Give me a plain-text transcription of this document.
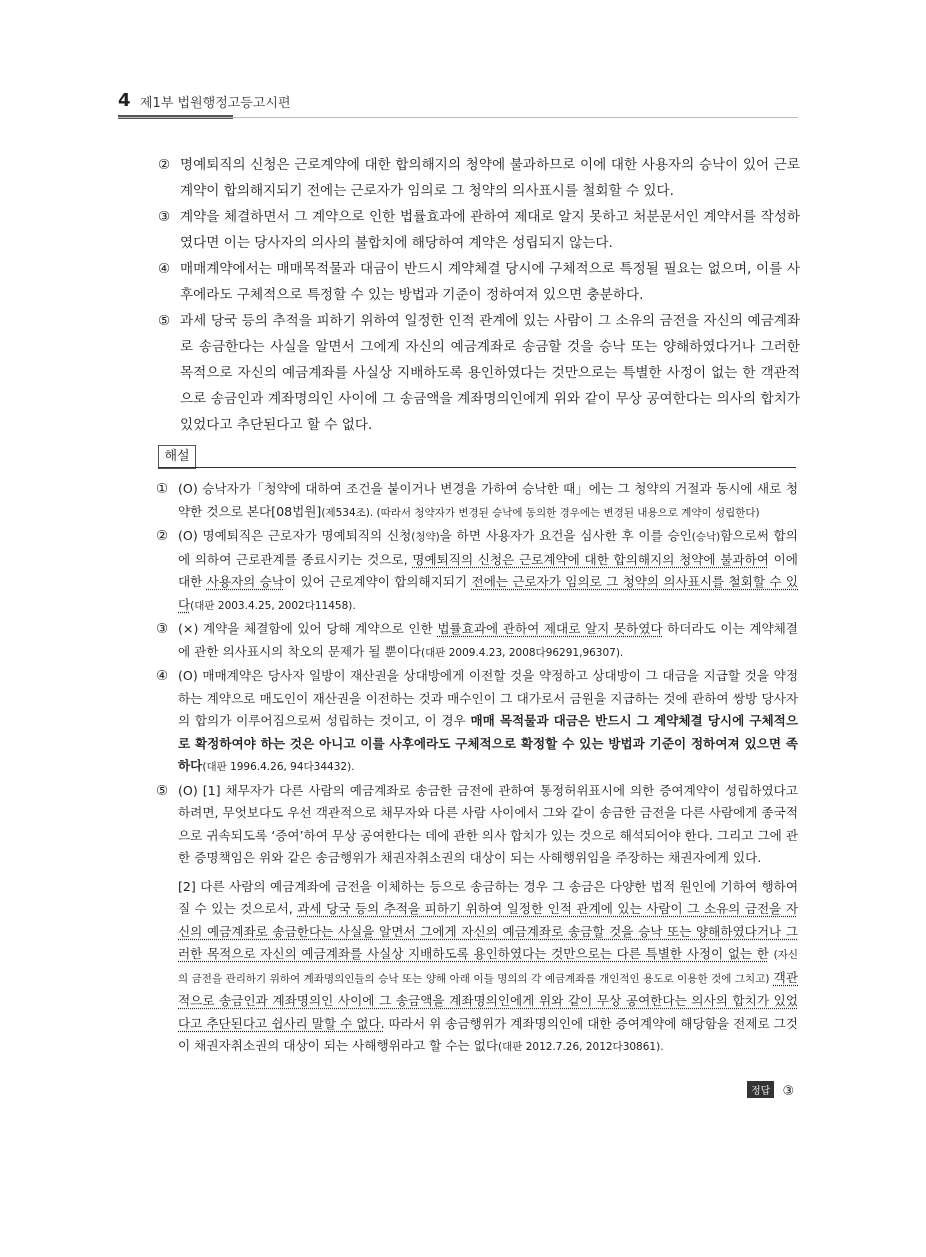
4 제1부 법원행정고등고시편
② 명예퇴직의 신청은 근로계약에 대한 합의해지의 청약에 불과하므로 이에 대한 사용자의 승낙이 있어 근로계약이 합의해지되기 전에는 근로자가 임의로 그 청약의 의사표시를 철회할 수 있다.
③ 계약을 체결하면서 그 계약으로 인한 법률효과에 관하여 제대로 알지 못하고 처분문서인 계약서를 작성하였다면 이는 당사자의 의사의 불합치에 해당하여 계약은 성립되지 않는다.
④ 매매계약에서는 매매목적물과 대금이 반드시 계약체결 당시에 구체적으로 특정될 필요는 없으며, 이를 사후에라도 구체적으로 특정할 수 있는 방법과 기준이 정하여져 있으면 충분하다.
⑤ 과세 당국 등의 추적을 피하기 위하여 일정한 인적 관계에 있는 사람이 그 소유의 금전을 자신의 예금계좌로 송금한다는 사실을 알면서 그에게 자신의 예금계좌로 송금할 것을 승낙 또는 양해하였다거나 그러한 목적으로 자신의 예금계좌를 사실상 지배하도록 용인하였다는 것만으로는 특별한 사정이 없는 한 객관적으로 송금인과 계좌명의인 사이에 그 송금액을 계좌명의인에게 위와 같이 무상 공여한다는 의사의 합치가 있었다고 추단된다고 할 수 없다.
해설
① (O) 승낙자가「청약에 대하여 조건을 붙이거나 변경을 가하여 승낙한 때」에는 그 청약의 거절과 동시에 새로 청약한 것으로 본다[08법원](제534조). (따라서 청약자가 변경된 승낙에 동의한 경우에는 변경된 내용으로 계약이 성립한다)
② (O) 명예퇴직은 근로자가 명예퇴직의 신청(청약)을 하면 사용자가 요건을 심사한 후 이를 승인(승낙)함으로써 합의에 의하여 근로관계를 종료시키는 것으로, 명예퇴직의 신청은 근로계약에 대한 합의해지의 청약에 불과하여 이에 대한 사용자의 승낙이 있어 근로계약이 합의해지되기 전에는 근로자가 임의로 그 청약의 의사표시를 철회할 수 있다(대판 2003.4.25, 2002다11458).
③ (×) 계약을 체결함에 있어 당해 계약으로 인한 법률효과에 관하여 제대로 알지 못하였다 하더라도 이는 계약체결에 관한 의사표시의 착오의 문제가 될 뿐이다(대판 2009.4.23, 2008다96291,96307).
④ (O) 매매계약은 당사자 일방이 재산권을 상대방에게 이전할 것을 약정하고 상대방이 그 대금을 지급할 것을 약정하는 계약으로 매도인이 재산권을 이전하는 것과 매수인이 그 대가로서 금원을 지급하는 것에 관하여 쌍방 당사자의 합의가 이루어짐으로써 성립하는 것이고, 이 경우 매매 목적물과 대금은 반드시 그 계약체결 당시에 구체적으로 확정하여야 하는 것은 아니고 이를 사후에라도 구체적으로 확정할 수 있는 방법과 기준이 정하여져 있으면 족하다(대판 1996.4.26, 94다34432).
⑤ (O) [1] 채무자가 다른 사람의 예금계좌로 송금한 금전에 관하여 통정허위표시에 의한 증여계약이 성립하였다고 하려면, 무엇보다도 우선 객관적으로 채무자와 다른 사람 사이에서 그와 같이 송금한 금전을 다른 사람에게 종국적으로 귀속되도록 ‘증여’하여 무상 공여한다는 데에 관한 의사 합치가 있는 것으로 해석되어야 한다. 그리고 그에 관한 증명책임은 위와 같은 송금행위가 채권자취소권의 대상이 되는 사해행위임을 주장하는 채권자에게 있다.
[2] 다른 사람의 예금계좌에 금전을 이체하는 등으로 송금하는 경우 그 송금은 다양한 법적 원인에 기하여 행하여질 수 있는 것으로서, 과세 당국 등의 추적을 피하기 위하여 일정한 인적 관계에 있는 사람이 그 소유의 금전을 자신의 예금계좌로 송금한다는 사실을 알면서 그에게 자신의 예금계좌로 송금할 것을 승낙 또는 양해하였다거나 그러한 목적으로 자신의 예금계좌를 사실상 지배하도록 용인하였다는 것만으로는 다른 특별한 사정이 없는 한 (자신의 금전을 관리하기 위하여 계좌명의인들의 승낙 또는 양해 아래 이들 명의의 각 예금계좌를 개인적인 용도로 이용한 것에 그치고) 객관적으로 송금인과 계좌명의인 사이에 그 송금액을 계좌명의인에게 위와 같이 무상 공여한다는 의사의 합치가 있었다고 추단된다고 쉽사리 말할 수 없다. 따라서 위 송금행위가 계좌명의인에 대한 증여계약에 해당함을 전제로 그것이 채권자취소권의 대상이 되는 사해행위라고 할 수는 없다(대판 2012.7.26, 2012다30861).
정답 ③
